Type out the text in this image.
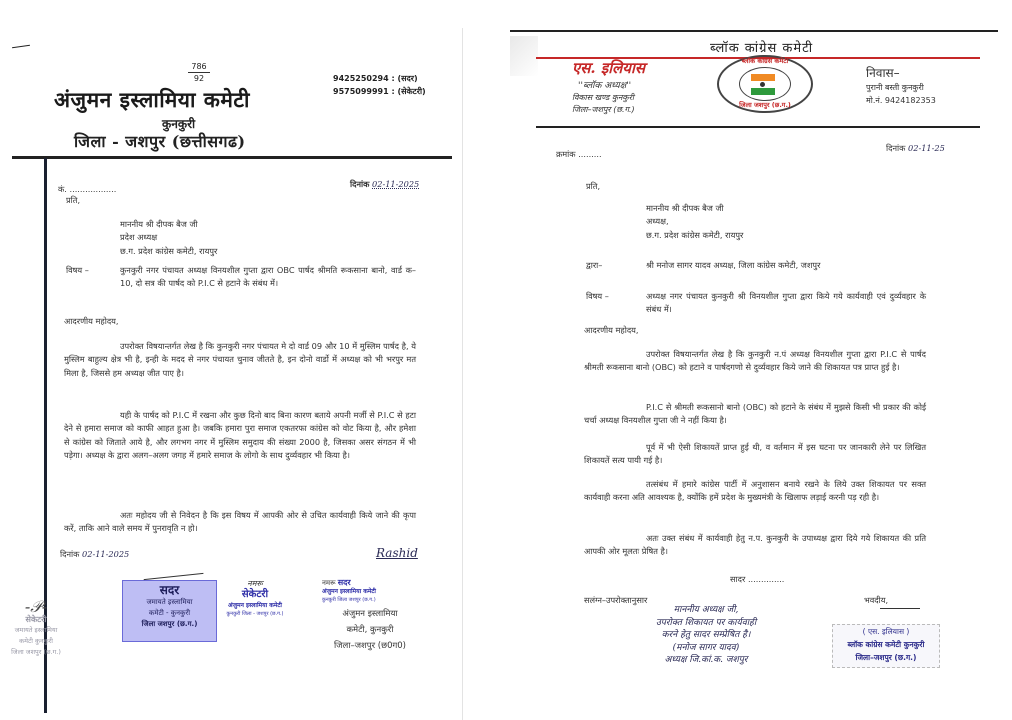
786
92
अंजुमन इस्लामिया कमेटी
कुनकुरी
जिला - जशपुर (छत्तीसगढ)
9425250294 : (सदर)
9575099991 : (सेकेटरी)
कं. ..................	दिनांक 02-11-2025
प्रति,
माननीय श्री दीपक बैज जी
प्रदेश अध्यक्ष
छ.ग. प्रदेश कांग्रेस कमेटी, रायपुर
विषय –	कुनकुरी नगर पंचायत अध्यक्ष विनयशील गुप्ता द्वारा OBC पार्षद श्रीमति रूकसाना बानो, वार्ड क–10, दो सत्र की पार्षद को P.I.C से हटाने के संबंध में।
आदरणीय महोदय,
उपरोक्त विषयान्तर्गत लेख है कि कुनकुरी नगर पंचायत मे दो वार्ड 09 और 10 में मुस्लिम पार्षद है, ये मुस्लिम बाहुल्य क्षेत्र भी है, इन्ही के मदद से नगर पंचायत चुनाव जीतते है, इन दोनो वार्डो में अध्यक्ष को भी भरपुर मत मिला है, जिससे हम अध्यक्ष जीत पाए है।
यही के पार्षद को P.I.C में रखना और कुछ दिनो बाद बिना कारण बताये अपनी मर्जी से P.I.C से हटा देने से हमारा समाज को काफी आहत हुआ है। जबकि हमारा पुरा समाज एकतरफा कांग्रेस को वोट किया है, और हमेशा से कांग्रेस को जिताते आये है, और लगभग नगर में मुस्लिम समुदाय की संख्या 2000 है, जिसका असर संगठन में भी पड़ेगा। अध्यक्ष के द्वारा अलग–अलग जगह में हमारे समाज के लोगो के साथ दुर्व्यवहार भी किया है।
अतः महोदय जी से निवेदन है कि इस विषय में आपकी ओर से उचित कार्यवाही किये जाने की कृपा करें, ताकि आने वाले समय में पुनरावृति न हो।
दिनांक 02-11-2025	Rashid
‐𝒫‐
सेकेटरी
जमायते इस्लामिया
कमेटी कुनकुरी
जिला जशपुर (छ.ग.)
सदर
जमायते इस्लामिया
कमेटी - कुनकुरी
जिला जशपुर (छ.ग.)
नमरू
सेकेटरी
अंजुमन इस्लामिया कमेटी
कुनकुरी जिला - जशपुर (छ.ग.)
नमरू सदर
अंजुमन इस्लामिया कमेटी
कुनकुरी जिला जशपुर (छ.ग.)
अंजुमन इस्लामिया
कमेटी, कुनकुरी
जिला–जशपुर (छ0ग0)
ब्लॉक कांग्रेस कमेटी
एस. इलियास
''ब्लॉक अध्यक्ष''
विकास खण्ड कुनकुरी
जिला–जशपुर (छ.ग.)
ब्लॉक कांग्रेस कमेटी
जिला जशपुर (छ.ग.)
निवास–
पुरानी बस्ती कुनकुरी
मो.नं. 9424182353
क्रमांक .........
दिनांक 02-11-25
प्रति,
माननीय श्री दीपक बैज जी
अध्यक्ष,
छ.ग. प्रदेश कांग्रेस कमेटी, रायपुर
द्वारा–	श्री मनोज सागर यादव अध्यक्ष, जिला कांग्रेस कमेटी, जशपुर
विषय –	अध्यक्ष नगर पंचायत कुनकुरी श्री विनयशील गुप्ता द्वारा किये गये कार्यवाही एवं दुर्व्यवहार के संबंध में।
आदरणीय महोदय,
उपरोक्त विषयान्तर्गत लेख है कि कुनकुरी न.पं अध्यक्ष विनयशील गुप्ता द्वारा P.I.C से पार्षद श्रीमती रूकसाना बानो (OBC) को हटाने व पार्षदगणो से दुर्व्यवहार किये जाने की शिकायत पत्र प्राप्त हुई है।
P.I.C से श्रीमती रूकसानो बानो (OBC) को हटाने के संबंध में मुझसे किसी भी प्रकार की कोई चर्चा अध्यक्ष विनयशील गुप्ता जी ने नहीं किया है।
पूर्व में भी ऐसी शिकायतें प्राप्त हुई थी, व वर्तमान में इस घटना पर जानकारी लेने पर लिखित शिकायतें सत्य पायी गई है।
तत्संबंध में हमारे कांग्रेस पार्टी में अनुशासन बनाये रखने के लिये उक्त शिकायत पर सक्त कार्यवाही करना अति आवश्यक है, क्योंकि हमें प्रदेश के मुख्यमंत्री के खिलाफ लड़ाई करनी पड़ रही है।
अतः उक्त संबंध में कार्यवाही हेतु न.प. कुनकुरी के उपाध्यक्ष द्वारा दिये गये शिकायत की प्रति आपकी ओर मूलतः प्रेषित है।
सादर ..............
सलंग्न–उपरोक्तानुसार	भवदीय,
माननीय अध्यक्ष जी,
उपरोक्त शिकायत पर कार्यवाही
करने हेतु सादर सम्प्रेषित है।
(मनोज सागर यादव)
अध्यक्ष जि.कां.क. जशपुर
( एस. इलियास )
ब्लॉक कांग्रेस कमेटी कुनकुरी
जिला–जशपुर (छ.ग.)
